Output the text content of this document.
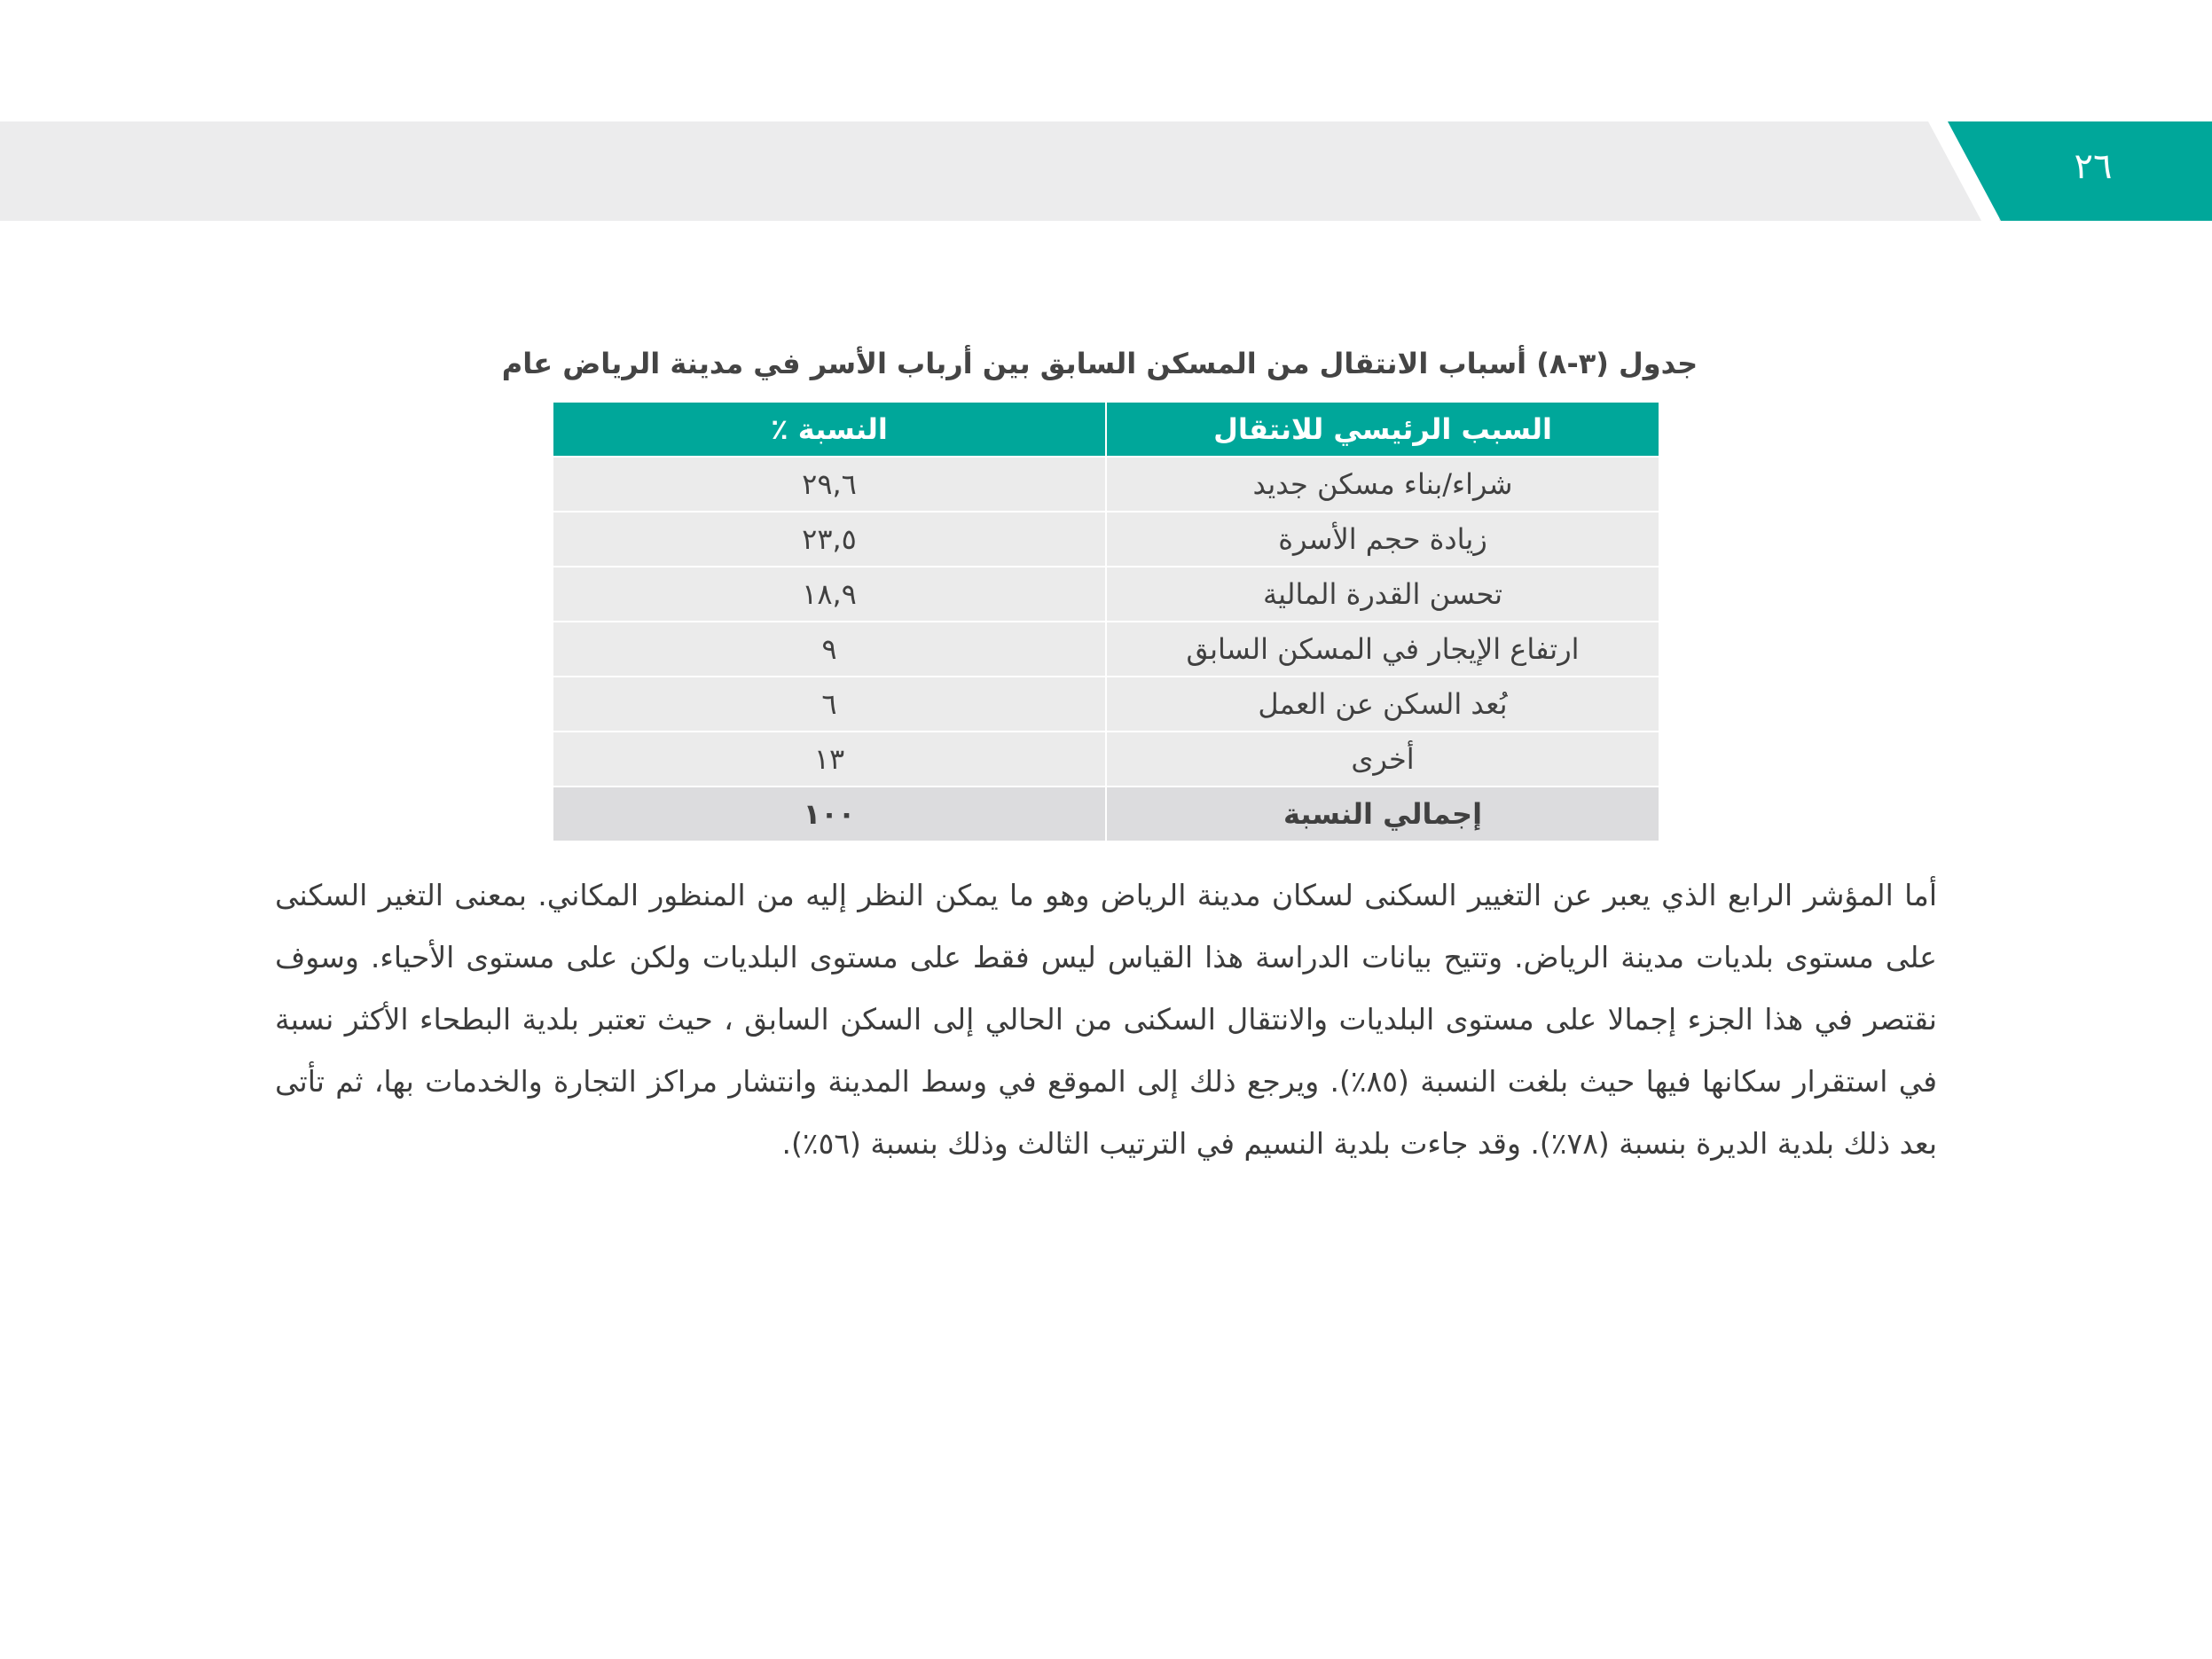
٢٦
جدول (٣-٨) أسباب الانتقال من المسكن السابق بين أرباب الأسر في مدينة الرياض عام
السبب الرئيسي للانتقال	النسبة ٪
شراء/بناء مسكن جديد	٢٩,٦
زيادة حجم الأسرة	٢٣,٥
تحسن القدرة المالية	١٨,٩
ارتفاع الإيجار في المسكن السابق	٩
بُعد السكن عن العمل	٦
أخرى	١٣
إجمالي النسبة	١٠٠

أما المؤشر الرابع الذي يعبر عن التغيير السكنى لسكان مدينة الرياض وهو ما يمكن النظر إليه من المنظور المكاني. بمعنى التغير السكنى على مستوى بلديات مدينة الرياض. وتتيح بيانات الدراسة هذا القياس ليس فقط على مستوى البلديات ولكن على مستوى الأحياء. وسوف نقتصر في هذا الجزء إجمالا على مستوى البلديات والانتقال السكنى من الحالي إلى السكن السابق ، حيث تعتبر بلدية البطحاء الأكثر نسبة في استقرار سكانها فيها حيث بلغت النسبة (٨٥٪). ويرجع ذلك إلى الموقع في وسط المدينة وانتشار مراكز التجارة والخدمات بها، ثم تأتى بعد ذلك بلدية الديرة بنسبة (٧٨٪). وقد جاءت بلدية النسيم في الترتيب الثالث وذلك بنسبة (٥٦٪).
